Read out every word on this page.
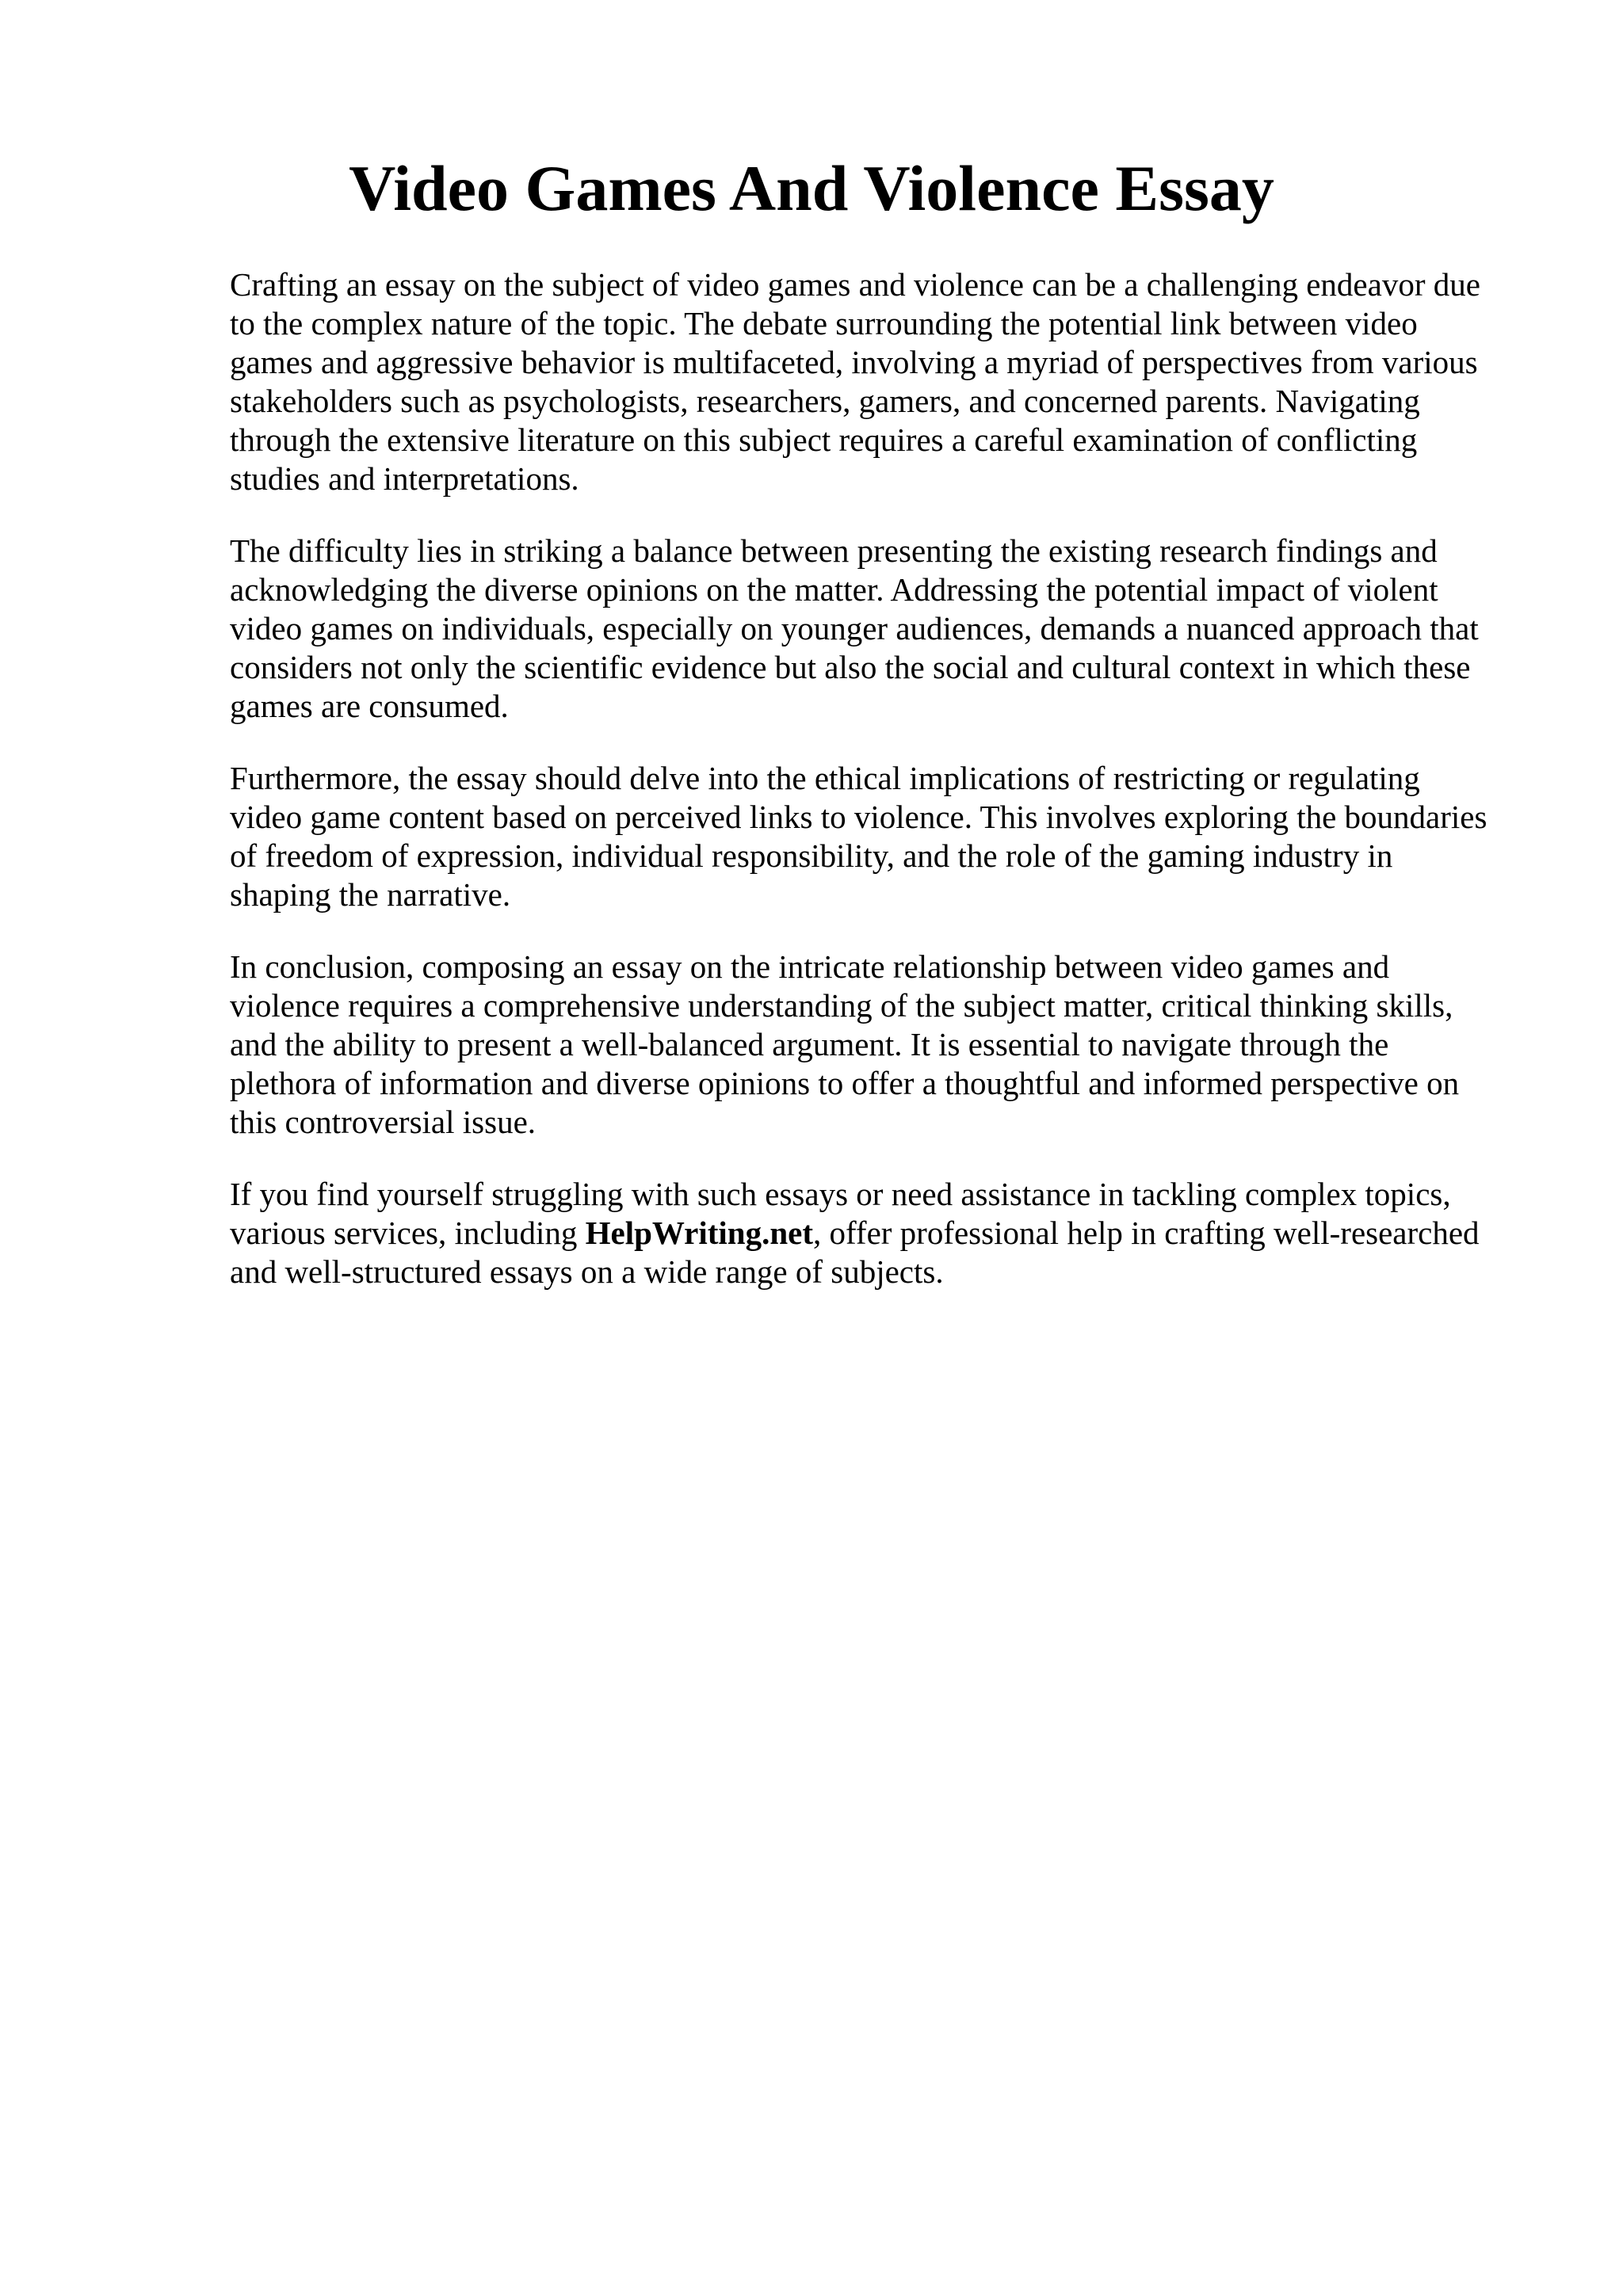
Video Games And Violence Essay

Crafting an essay on the subject of video games and violence can be a challenging endeavor due
to the complex nature of the topic. The debate surrounding the potential link between video
games and aggressive behavior is multifaceted, involving a myriad of perspectives from various
stakeholders such as psychologists, researchers, gamers, and concerned parents. Navigating
through the extensive literature on this subject requires a careful examination of conflicting
studies and interpretations.

The difficulty lies in striking a balance between presenting the existing research findings and
acknowledging the diverse opinions on the matter. Addressing the potential impact of violent
video games on individuals, especially on younger audiences, demands a nuanced approach that
considers not only the scientific evidence but also the social and cultural context in which these
games are consumed.

Furthermore, the essay should delve into the ethical implications of restricting or regulating
video game content based on perceived links to violence. This involves exploring the boundaries
of freedom of expression, individual responsibility, and the role of the gaming industry in
shaping the narrative.

In conclusion, composing an essay on the intricate relationship between video games and
violence requires a comprehensive understanding of the subject matter, critical thinking skills,
and the ability to present a well-balanced argument. It is essential to navigate through the
plethora of information and diverse opinions to offer a thoughtful and informed perspective on
this controversial issue.

If you find yourself struggling with such essays or need assistance in tackling complex topics,
various services, including HelpWriting.net, offer professional help in crafting well-researched
and well-structured essays on a wide range of subjects.
